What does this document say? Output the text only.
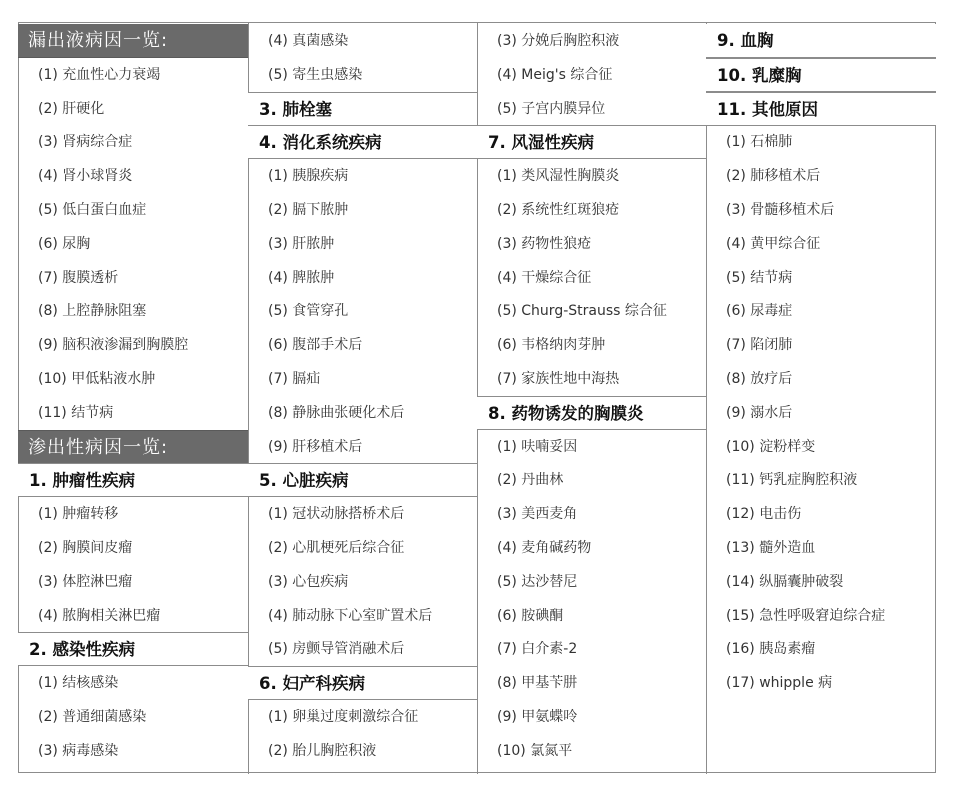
漏出液病因一览:
(1) 充血性心力衰竭
(2) 肝硬化
(3) 肾病综合症
(4) 肾小球肾炎
(5) 低白蛋白血症
(6) 尿胸
(7) 腹膜透析
(8) 上腔静脉阻塞
(9) 脑积液渗漏到胸膜腔
(10) 甲低粘液水肿
(11) 结节病
渗出性病因一览:
1. 肿瘤性疾病
(1) 肿瘤转移
(2) 胸膜间皮瘤
(3) 体腔淋巴瘤
(4) 脓胸相关淋巴瘤
2. 感染性疾病
(1) 结核感染
(2) 普通细菌感染
(3) 病毒感染
(4) 真菌感染
(5) 寄生虫感染
3. 肺栓塞
4. 消化系统疾病
(1) 胰腺疾病
(2) 膈下脓肿
(3) 肝脓肿
(4) 脾脓肿
(5) 食管穿孔
(6) 腹部手术后
(7) 膈疝
(8) 静脉曲张硬化术后
(9) 肝移植术后
5. 心脏疾病
(1) 冠状动脉搭桥术后
(2) 心肌梗死后综合征
(3) 心包疾病
(4) 肺动脉下心室旷置术后
(5) 房颤导管消融术后
6. 妇产科疾病
(1) 卵巢过度刺激综合征
(2) 胎儿胸腔积液
(3) 分娩后胸腔积液
(4) Meig's 综合征
(5) 子宫内膜异位
7. 风湿性疾病
(1) 类风湿性胸膜炎
(2) 系统性红斑狼疮
(3) 药物性狼疮
(4) 干燥综合征
(5) Churg-Strauss 综合征
(6) 韦格纳肉芽肿
(7) 家族性地中海热
8. 药物诱发的胸膜炎
(1) 呋喃妥因
(2) 丹曲林
(3) 美西麦角
(4) 麦角碱药物
(5) 达沙替尼
(6) 胺碘酮
(7) 白介素-2
(8) 甲基苄肼
(9) 甲氨蝶呤
(10) 氯氮平
9. 血胸
10. 乳糜胸
11. 其他原因
(1) 石棉肺
(2) 肺移植术后
(3) 骨髓移植术后
(4) 黄甲综合征
(5) 结节病
(6) 尿毒症
(7) 陷闭肺
(8) 放疗后
(9) 溺水后
(10) 淀粉样变
(11) 钙乳症胸腔积液
(12) 电击伤
(13) 髓外造血
(14) 纵膈囊肿破裂
(15) 急性呼吸窘迫综合症
(16) 胰岛素瘤
(17) whipple 病
